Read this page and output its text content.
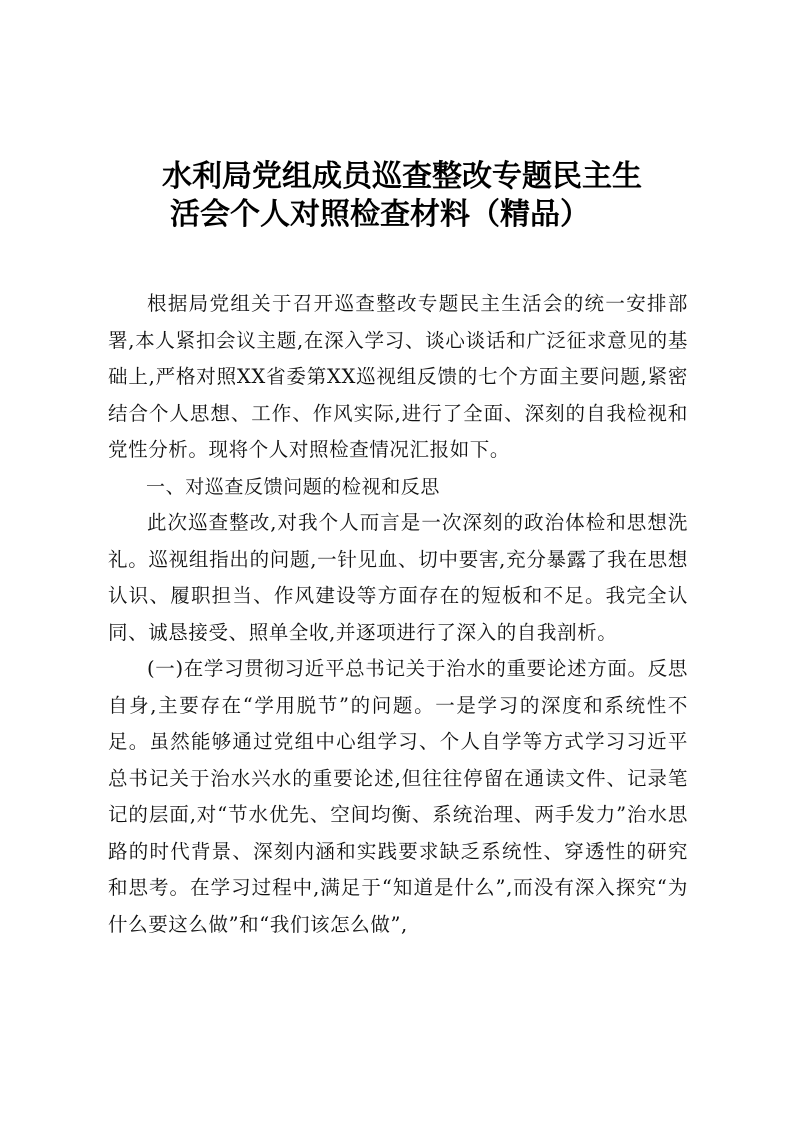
水利局党组成员巡查整改专题民主生
活会个人对照检查材料（精品）

根据局党组关于召开巡查整改专题民主生活会的统一安排部署,本人紧扣会议主题,在深入学习、谈心谈话和广泛征求意见的基础上,严格对照XX省委第XX巡视组反馈的七个方面主要问题,紧密结合个人思想、工作、作风实际,进行了全面、深刻的自我检视和党性分析。现将个人对照检查情况汇报如下。

一、对巡查反馈问题的检视和反思

此次巡查整改,对我个人而言是一次深刻的政治体检和思想洗礼。巡视组指出的问题,一针见血、切中要害,充分暴露了我在思想认识、履职担当、作风建设等方面存在的短板和不足。我完全认同、诚恳接受、照单全收,并逐项进行了深入的自我剖析。

(一)在学习贯彻习近平总书记关于治水的重要论述方面。反思自身,主要存在“学用脱节”的问题。一是学习的深度和系统性不足。虽然能够通过党组中心组学习、个人自学等方式学习习近平总书记关于治水兴水的重要论述,但往往停留在通读文件、记录笔记的层面,对“节水优先、空间均衡、系统治理、两手发力”治水思路的时代背景、深刻内涵和实践要求缺乏系统性、穿透性的研究和思考。在学习过程中,满足于“知道是什么”,而没有深入探究“为什么要这么做”和“我们该怎么做”,
